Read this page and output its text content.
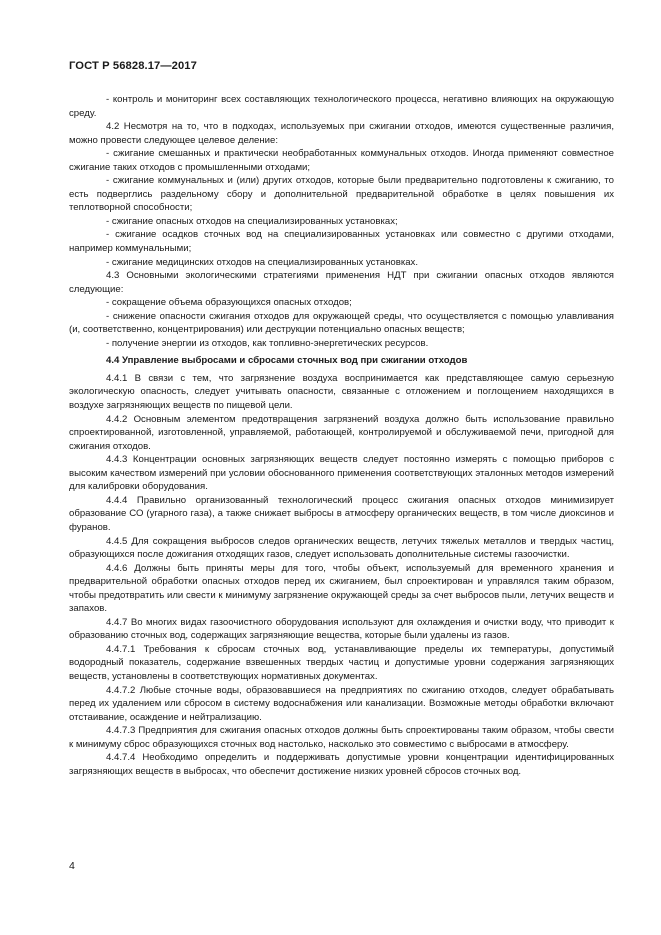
ГОСТ Р 56828.17—2017

- контроль и мониторинг всех составляющих технологического процесса, негативно влияющих на окружающую среду.

4.2 Несмотря на то, что в подходах, используемых при сжигании отходов, имеются существенные различия, можно провести следующее целевое деление:

- сжигание смешанных и практически необработанных коммунальных отходов. Иногда применяют совместное сжигание таких отходов с промышленными отходами;

- сжигание коммунальных и (или) других отходов, которые были предварительно подготовлены к сжиганию, то есть подверглись раздельному сбору и дополнительной предварительной обработке в целях повышения их теплотворной способности;

- сжигание опасных отходов на специализированных установках;

- сжигание осадков сточных вод на специализированных установках или совместно с другими отходами, например коммунальными;

- сжигание медицинских отходов на специализированных установках.

4.3 Основными экологическими стратегиями применения НДТ при сжигании опасных отходов являются следующие:

- сокращение объема образующихся опасных отходов;

- снижение опасности сжигания отходов для окружающей среды, что осуществляется с помощью улавливания (и, соответственно, концентрирования) или деструкции потенциально опасных веществ;

- получение энергии из отходов, как топливно-энергетических ресурсов.

4.4 Управление выбросами и сбросами сточных вод при сжигании отходов

4.4.1 В связи с тем, что загрязнение воздуха воспринимается как представляющее самую серьезную экологическую опасность, следует учитывать опасности, связанные с отложением и поглощением находящихся в воздухе загрязняющих веществ по пищевой цели.

4.4.2 Основным элементом предотвращения загрязнений воздуха должно быть использование правильно спроектированной, изготовленной, управляемой, работающей, контролируемой и обслуживаемой печи, пригодной для сжигания отходов.

4.4.3 Концентрации основных загрязняющих веществ следует постоянно измерять с помощью приборов с высоким качеством измерений при условии обоснованного применения соответствующих эталонных методов измерений для калибровки оборудования.

4.4.4 Правильно организованный технологический процесс сжигания опасных отходов минимизирует образование СО (угарного газа), а также снижает выбросы в атмосферу органических веществ, в том числе диоксинов и фуранов.

4.4.5 Для сокращения выбросов следов органических веществ, летучих тяжелых металлов и твердых частиц, образующихся после дожигания отходящих газов, следует использовать дополнительные системы газоочистки.

4.4.6 Должны быть приняты меры для того, чтобы объект, используемый для временного хранения и предварительной обработки опасных отходов перед их сжиганием, был спроектирован и управлялся таким образом, чтобы предотвратить или свести к минимуму загрязнение окружающей среды за счет выбросов пыли, летучих веществ и запахов.

4.4.7 Во многих видах газоочистного оборудования используют для охлаждения и очистки воду, что приводит к образованию сточных вод, содержащих загрязняющие вещества, которые были удалены из газов.

4.4.7.1 Требования к сбросам сточных вод, устанавливающие пределы их температуры, допустимый водородный показатель, содержание взвешенных твердых частиц и допустимые уровни содержания загрязняющих веществ, установлены в соответствующих нормативных документах.

4.4.7.2 Любые сточные воды, образовавшиеся на предприятиях по сжиганию отходов, следует обрабатывать перед их удалением или сбросом в систему водоснабжения или канализации. Возможные методы обработки включают отстаивание, осаждение и нейтрализацию.

4.4.7.3 Предприятия для сжигания опасных отходов должны быть спроектированы таким образом, чтобы свести к минимуму сброс образующихся сточных вод настолько, насколько это совместимо с выбросами в атмосферу.

4.4.7.4 Необходимо определить и поддерживать допустимые уровни концентрации идентифицированных загрязняющих веществ в выбросах, что обеспечит достижение низких уровней сбросов сточных вод.

4
